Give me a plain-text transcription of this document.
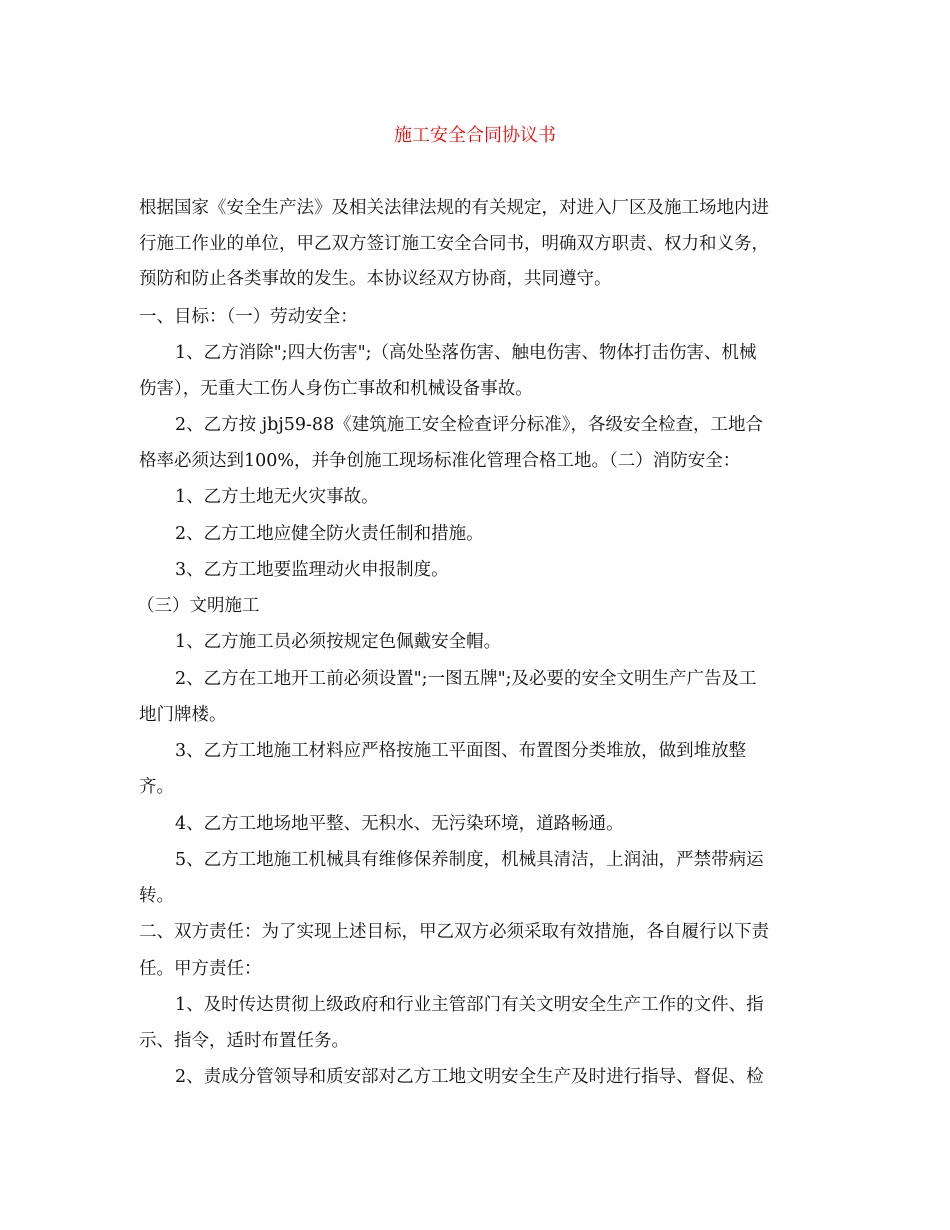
施工安全合同协议书
根据国家《安全生产法》及相关法律法规的有关规定，对进入厂区及施工场地内进
行施工作业的单位，甲乙双方签订施工安全合同书，明确双方职责、权力和义务，
预防和防止各类事故的发生。本协议经双方协商，共同遵守。
一、目标：（一）劳动安全：
1、乙方消除";四大伤害";（高处坠落伤害、触电伤害、物体打击伤害、机械
伤害），无重大工伤人身伤亡事故和机械设备事故。
2、乙方按 jbj59-88《建筑施工安全检查评分标准》，各级安全检查，工地合
格率必须达到100%，并争创施工现场标准化管理合格工地。（二）消防安全：
1、乙方土地无火灾事故。
2、乙方工地应健全防火责任制和措施。
3、乙方工地要监理动火申报制度。
（三）文明施工
1、乙方施工员必须按规定色佩戴安全帽。
2、乙方在工地开工前必须设置";一图五牌";及必要的安全文明生产广告及工
地门牌楼。
3、乙方工地施工材料应严格按施工平面图、布置图分类堆放，做到堆放整
齐。
4、乙方工地场地平整、无积水、无污染环境，道路畅通。
5、乙方工地施工机械具有维修保养制度，机械具清洁，上润油，严禁带病运
转。
二、双方责任：为了实现上述目标，甲乙双方必须采取有效措施，各自履行以下责
任。甲方责任：
1、及时传达贯彻上级政府和行业主管部门有关文明安全生产工作的文件、指
示、指令，适时布置任务。
2、责成分管领导和质安部对乙方工地文明安全生产及时进行指导、督促、检
